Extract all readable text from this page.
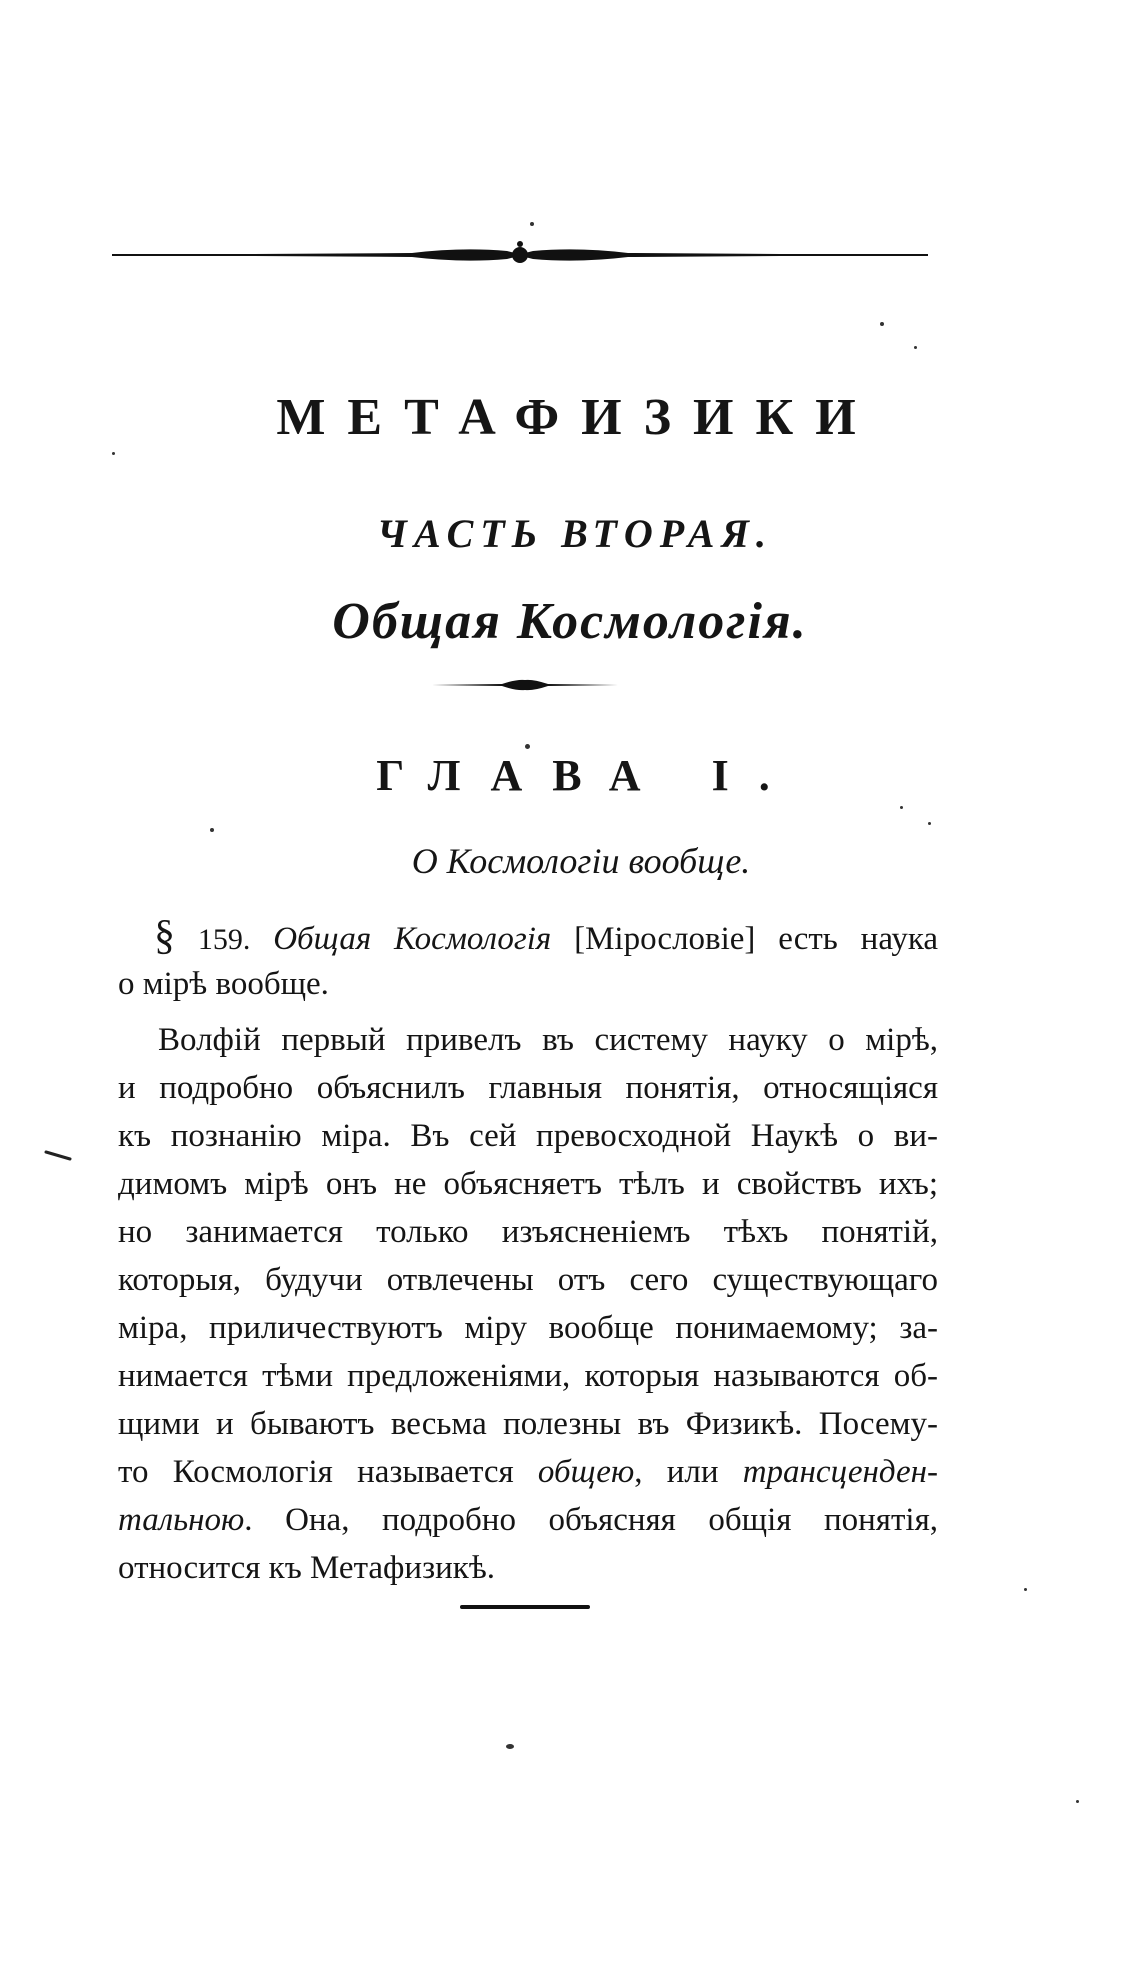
МЕТАФИЗИКИ
ЧАСТЬ ВТОРАЯ.
Общая Космологія.
ГЛАВА I.
О Космологіи вообще.
§ 159. Общая Космологія [Мірословіе] есть наука
о мірѣ вообще.
Волфій первый привелъ въ систему науку о мірѣ,
и подробно объяснилъ главныя понятія, относящіяся
къ познанію міра. Въ сей превосходной Наукѣ о ви-
димомъ мірѣ онъ не объясняетъ тѣлъ и свойствъ ихъ;
но занимается только изъясненіемъ тѣхъ понятій,
которыя, будучи отвлечены отъ сего существующаго
міра, приличествуютъ міру вообще понимаемому; за-
нимается тѣми предложеніями, которыя называются об-
щими и бываютъ весьма полезны въ Физикѣ. Посему-
то Космологія называется общею, или трансценден-
тальною. Она, подробно объясняя общія понятія,
относится къ Метафизикѣ.
